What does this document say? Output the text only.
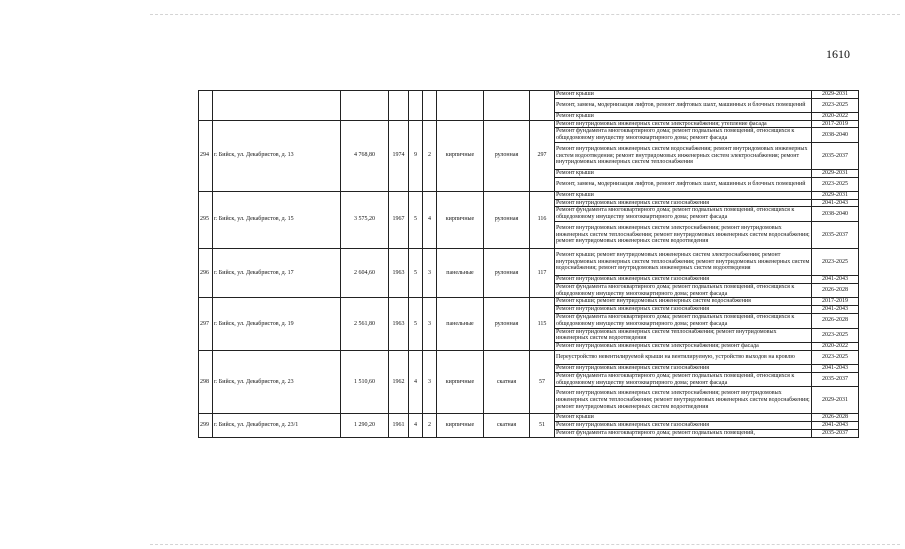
1610
									Ремонт крыши	2029-2031
									Ремонт, замена, модернизация лифтов, ремонт лифтовых шахт, машинных и блочных помещений	2023-2025
									Ремонт крыши	2020-2022
294	г. Бийск, ул. Декабристов, д. 13	4 768,80	1974	9	2	кирпичные	рулонная	297	Ремонт внутридомовых инженерных систем электроснабжения; утепление фасада	2017-2019
									Ремонт фундамента многоквартирного дома; ремонт подвальных помещений, относящихся к общедомовому имуществу многоквартирного дома; ремонт фасада	2038-2040
									Ремонт внутридомовых инженерных систем водоснабжения; ремонт внутридомовых инженерных систем водоотведения; ремонт внутридомовых инженерных систем электроснабжения; ремонт внутридомовых инженерных систем теплоснабжения	2035-2037
									Ремонт крыши	2029-2031
									Ремонт, замена, модернизация лифтов, ремонт лифтовых шахт, машинных и блочных помещений	2023-2025
295	г. Бийск, ул. Декабристов, д. 15	3 575,20	1967	5	4	кирпичные	рулонная	116	Ремонт крыши	2029-2031
									Ремонт внутридомовых инженерных систем газоснабжения	2041-2043
									Ремонт фундамента многоквартирного дома; ремонт подвальных помещений, относящихся к общедомовому имуществу многоквартирного дома; ремонт фасада	2038-2040
									Ремонт внутридомовых инженерных систем электроснабжения; ремонт внутридомовых инженерных систем теплоснабжения; ремонт внутридомовых инженерных систем водоснабжения; ремонт внутридомовых инженерных систем водоотведения	2035-2037
296	г. Бийск, ул. Декабристов, д. 17	2 604,60	1963	5	3	панельные	рулонная	117	Ремонт крыши; ремонт внутридомовых инженерных систем электроснабжения; ремонт внутридомовых инженерных систем теплоснабжения; ремонт внутридомовых инженерных систем водоснабжения; ремонт внутридомовых инженерных систем водоотведения	2023-2025
									Ремонт внутридомовых инженерных систем газоснабжения	2041-2043
									Ремонт фундамента многоквартирного дома; ремонт подвальных помещений, относящихся к общедомовому имуществу многоквартирного дома; ремонт фасада	2026-2028
297	г. Бийск, ул. Декабристов, д. 19	2 561,80	1963	5	3	панельные	рулонная	115	Ремонт крыши; ремонт внутридомовых инженерных систем водоснабжения	2017-2019
									Ремонт внутридомовых инженерных систем газоснабжения	2041-2043
									Ремонт фундамента многоквартирного дома; ремонт подвальных помещений, относящихся к общедомовому имуществу многоквартирного дома; ремонт фасада	2026-2028
									Ремонт внутридомовых инженерных систем теплоснабжения; ремонт внутридомовых инженерных систем водоотведения	2023-2025
									Ремонт внутридомовых инженерных систем электроснабжения; ремонт фасада	2020-2022
298	г. Бийск, ул. Декабристов, д. 23	1 510,60	1962	4	3	кирпичные	скатная	57	Переустройство невентилируемой крыши на вентилируемую, устройство выходов на кровлю	2023-2025
									Ремонт внутридомовых инженерных систем газоснабжения	2041-2043
									Ремонт фундамента многоквартирного дома; ремонт подвальных помещений, относящихся к общедомовому имуществу многоквартирного дома; ремонт фасада	2035-2037
									Ремонт внутридомовых инженерных систем электроснабжения; ремонт внутридомовых инженерных систем теплоснабжения; ремонт внутридомовых инженерных систем водоснабжения; ремонт внутридомовых инженерных систем водоотведения	2029-2031
299	г. Бийск, ул. Декабристов, д. 23/1	1 290,20	1961	4	2	кирпичные	скатная	51	Ремонт крыши	2026-2028
									Ремонт внутридомовых инженерных систем газоснабжения	2041-2043
									Ремонт фундамента многоквартирного дома; ремонт подвальных помещений,	2035-2037
